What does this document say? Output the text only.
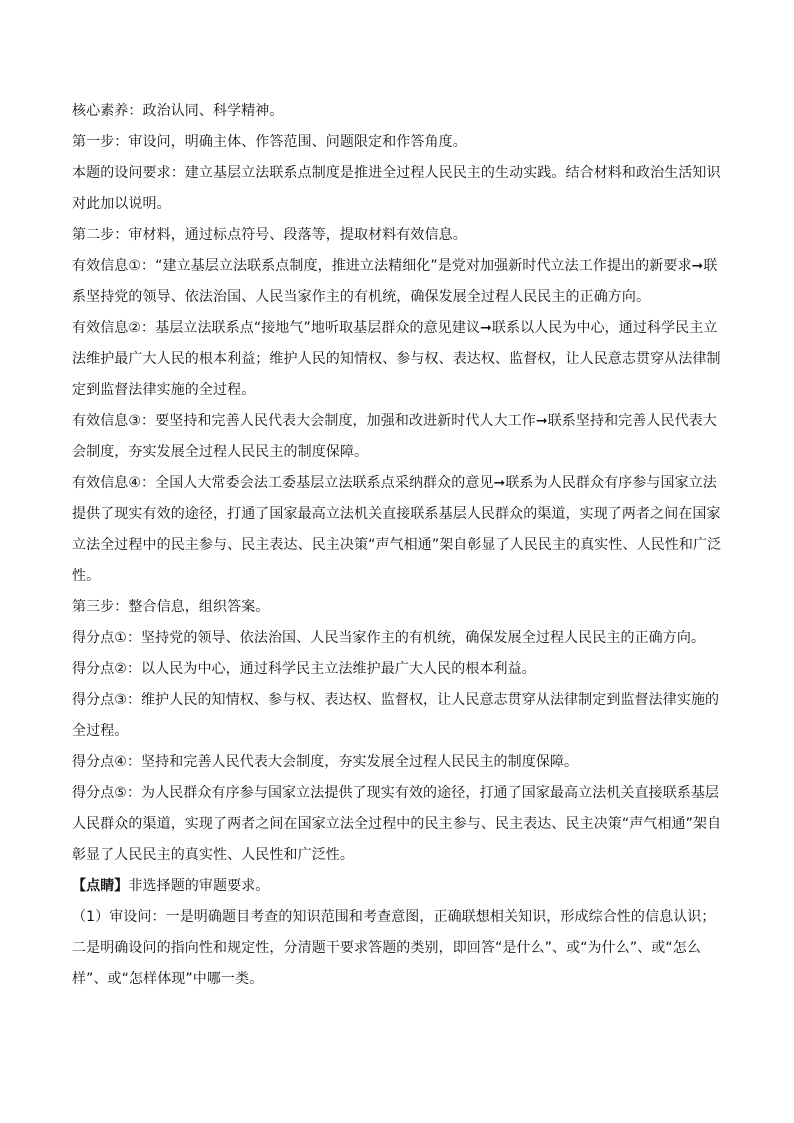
核心素养：政治认同、科学精神。

第一步：审设问，明确主体、作答范围、问题限定和作答角度。

本题的设问要求：建立基层立法联系点制度是推进全过程人民民主的生动实践。结合材料和政治生活知识对此加以说明。

第二步：审材料，通过标点符号、段落等，提取材料有效信息。

有效信息①：“建立基层立法联系点制度，推进立法精细化”是党对加强新时代立法工作提出的新要求➞联系坚持党的领导、依法治国、人民当家作主的有机统，确保发展全过程人民民主的正确方向。

有效信息②：基层立法联系点“接地气”地听取基层群众的意见建议➞联系以人民为中心，通过科学民主立法维护最广大人民的根本利益；维护人民的知情权、参与权、表达权、监督权，让人民意志贯穿从法律制定到监督法律实施的全过程。

有效信息③：要坚持和完善人民代表大会制度，加强和改进新时代人大工作➞联系坚持和完善人民代表大会制度，夯实发展全过程人民民主的制度保障。

有效信息④：全国人大常委会法工委基层立法联系点采纳群众的意见➞联系为人民群众有序参与国家立法提供了现实有效的途径，打通了国家最高立法机关直接联系基层人民群众的渠道，实现了两者之间在国家立法全过程中的民主参与、民主表达、民主决策“声气相通”架自彰显了人民民主的真实性、人民性和广泛性。

第三步：整合信息，组织答案。

得分点①：坚持党的领导、依法治国、人民当家作主的有机统，确保发展全过程人民民主的正确方向。

得分点②：以人民为中心，通过科学民主立法维护最广大人民的根本利益。

得分点③：维护人民的知情权、参与权、表达权、监督权，让人民意志贯穿从法律制定到监督法律实施的全过程。

得分点④：坚持和完善人民代表大会制度，夯实发展全过程人民民主的制度保障。

得分点⑤：为人民群众有序参与国家立法提供了现实有效的途径，打通了国家最高立法机关直接联系基层人民群众的渠道，实现了两者之间在国家立法全过程中的民主参与、民主表达、民主决策“声气相通”架自彰显了人民民主的真实性、人民性和广泛性。

【点睛】非选择题的审题要求。

（1）审设问：一是明确题目考查的知识范围和考查意图，正确联想相关知识，形成综合性的信息认识；二是明确设问的指向性和规定性，分清题干要求答题的类别，即回答“是什么”、或“为什么”、或“怎么样”、或“怎样体现”中哪一类。
